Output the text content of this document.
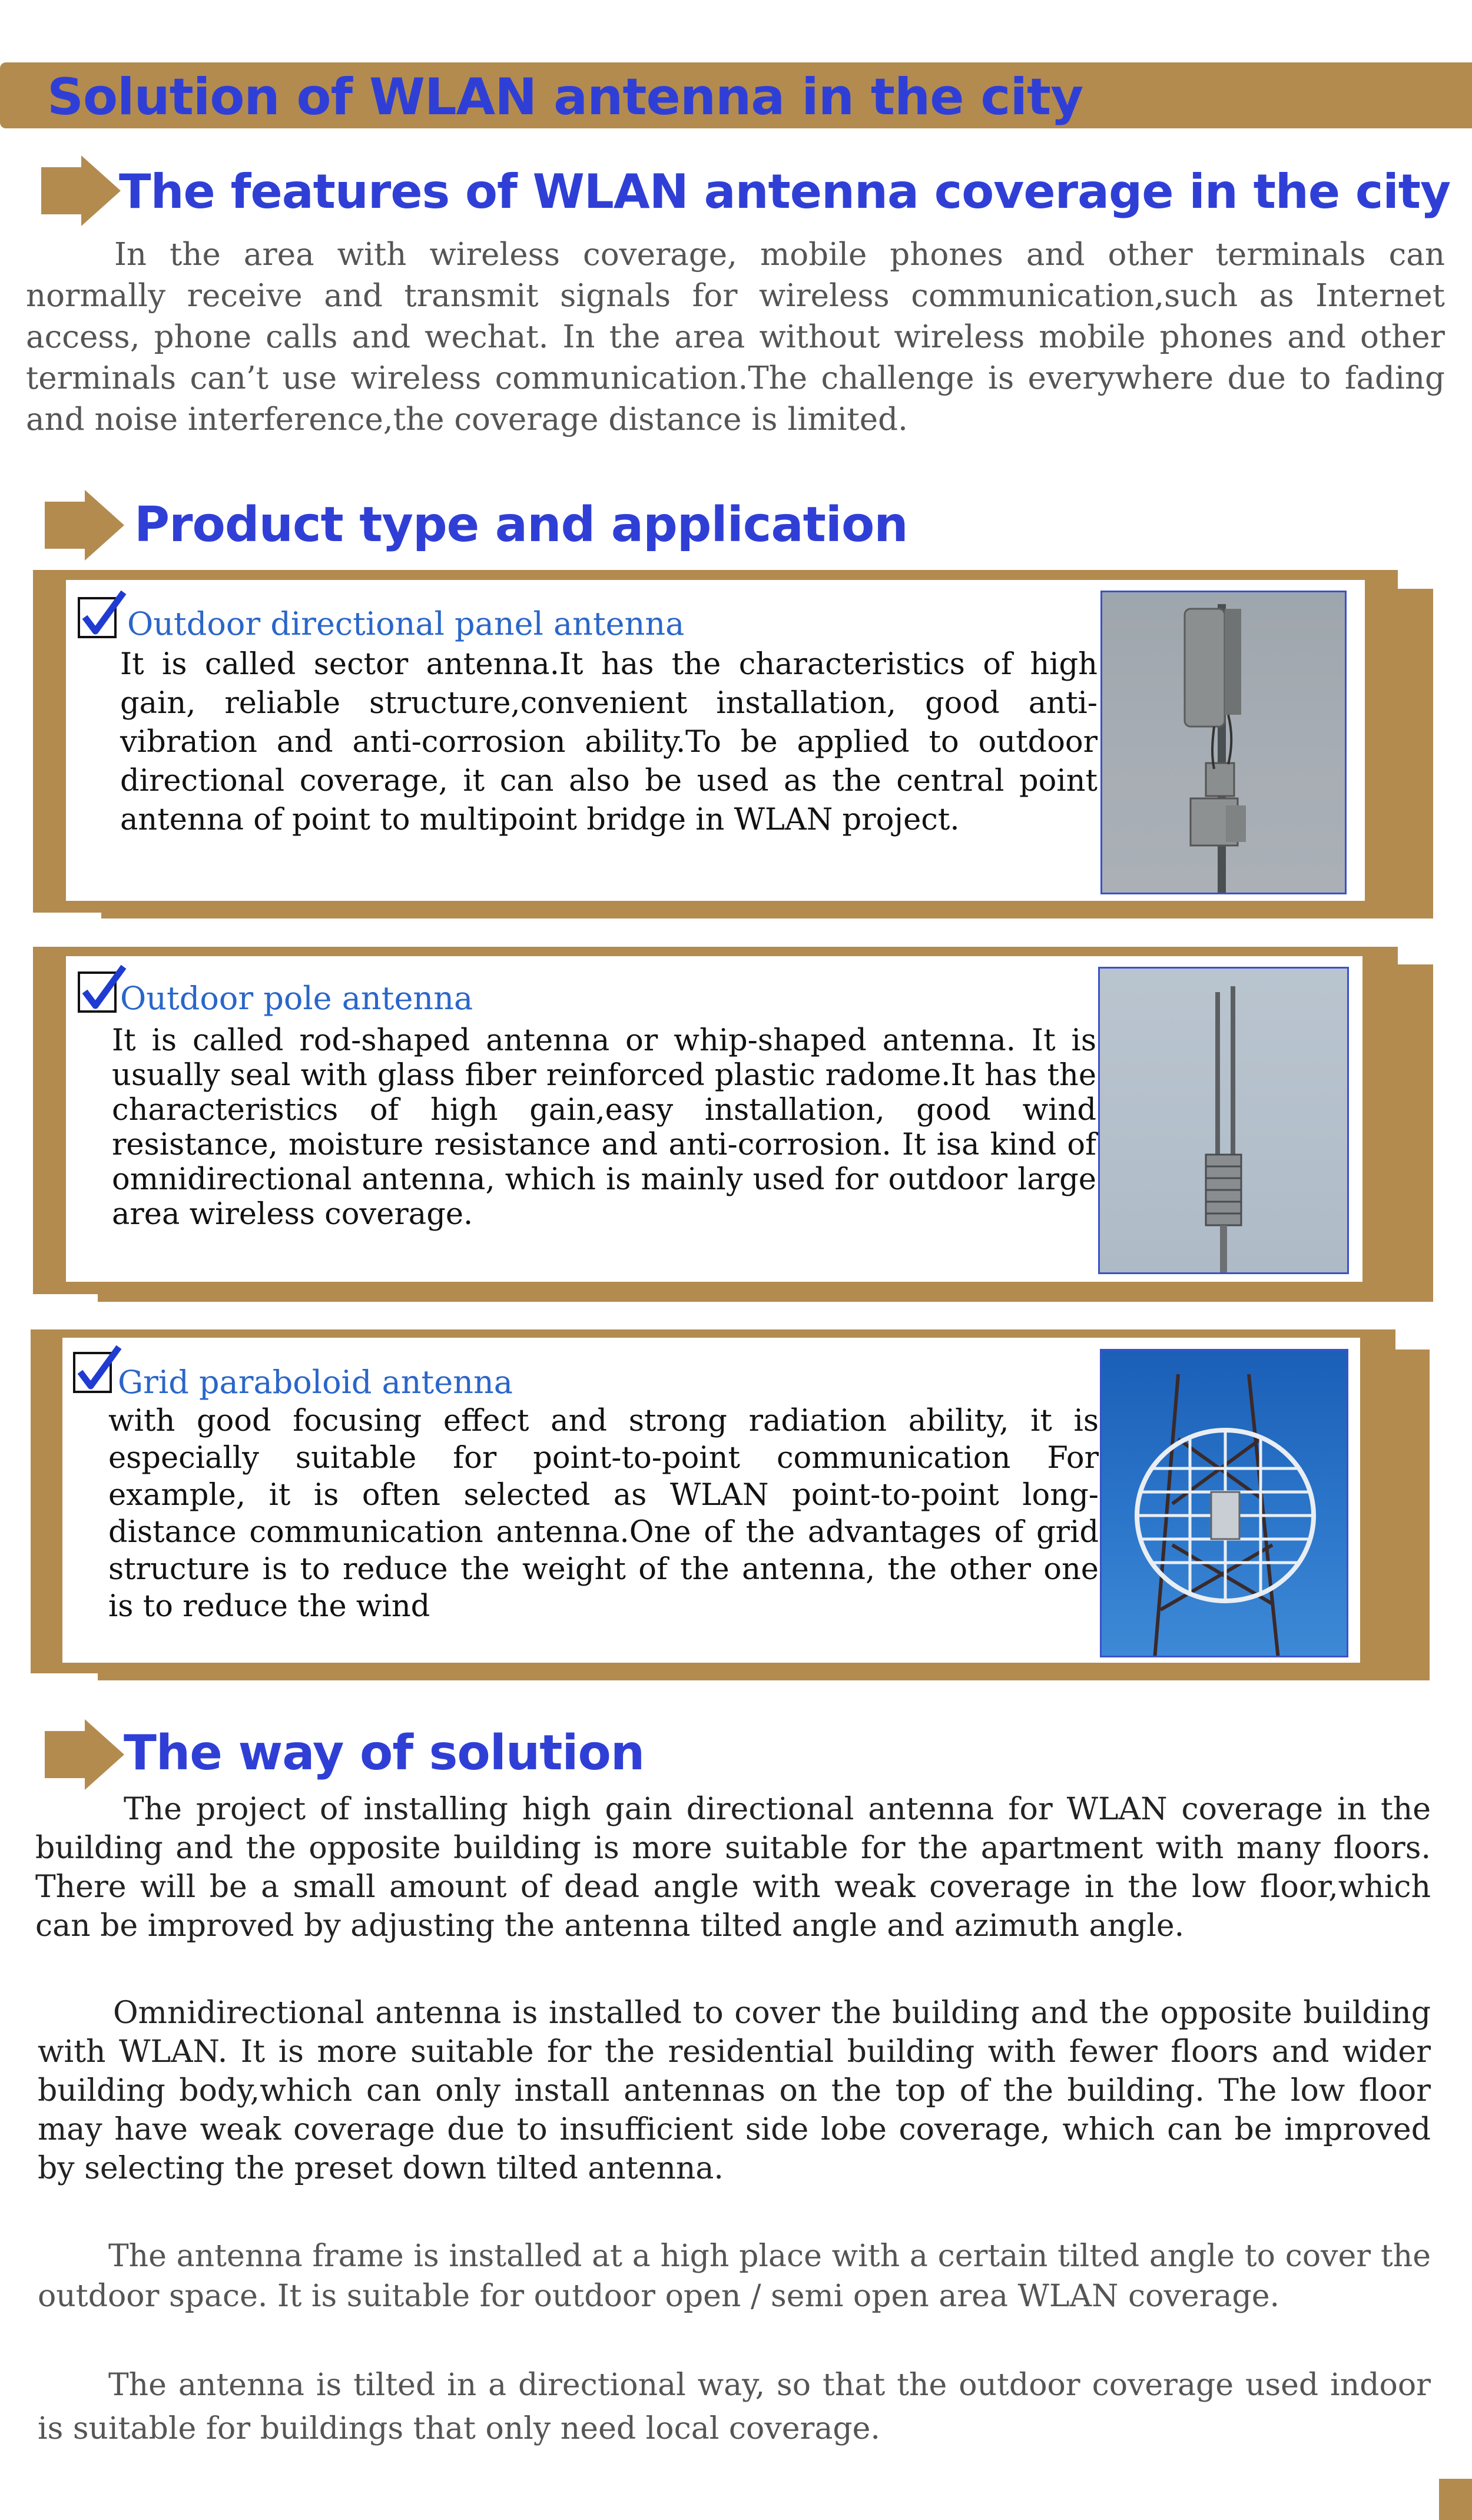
Solution of WLAN antenna in the city
The features of WLAN antenna coverage in the city

In the area with wireless coverage, mobile phones and other terminals can normally receive and transmit signals for wireless communication,such as Internet access, phone calls and wechat. In the area without wireless mobile phones and other terminals can’t use wireless communication.The challenge is everywhere due to fading and noise interference,the coverage distance is limited.

Product type and application
Outdoor directional panel antenna

It is called sector antenna.It has the characteristics of high gain, reliable structure,convenient installation, good anti-vibration and anti-corrosion ability.To be applied to outdoor directional coverage, it can also be used as the central point antenna of point to multipoint bridge in WLAN project.

Outdoor pole antenna

It is called rod-shaped antenna or whip-shaped antenna. It is usually seal with glass fiber reinforced plastic radome.It has the characteristics of high gain,easy installation, good wind resistance, moisture resistance and anti-corrosion. It isa kind of omnidirectional antenna, which is mainly used for outdoor large area wireless coverage.

Grid paraboloid antenna

with good focusing effect and strong radiation ability, it is especially suitable for point-to-point communication For example, it is often selected as WLAN point-to-point long-distance communication antenna.One of the advantages of grid structure is to reduce the weight of the antenna, the other one is to reduce the wind

The way of solution

The project of installing high gain directional antenna for WLAN coverage in the building and the opposite building is more suitable for the apartment with many floors. There will be a small amount of dead angle with weak coverage in the low floor,which can be improved by adjusting the antenna tilted angle and azimuth angle.

Omnidirectional antenna is installed to cover the building and the opposite building with WLAN. It is more suitable for the residential building with fewer floors and wider building body,which can only install antennas on the top of the building. The low floor may have weak coverage due to insufficient side lobe coverage, which can be improved by selecting the preset down tilted antenna.

The antenna frame is installed at a high place with a certain tilted angle to cover the outdoor space. It is suitable for outdoor open / semi open area WLAN coverage.

The antenna is tilted in a directional way, so that the outdoor coverage used indoor is suitable for buildings that only need local coverage.
